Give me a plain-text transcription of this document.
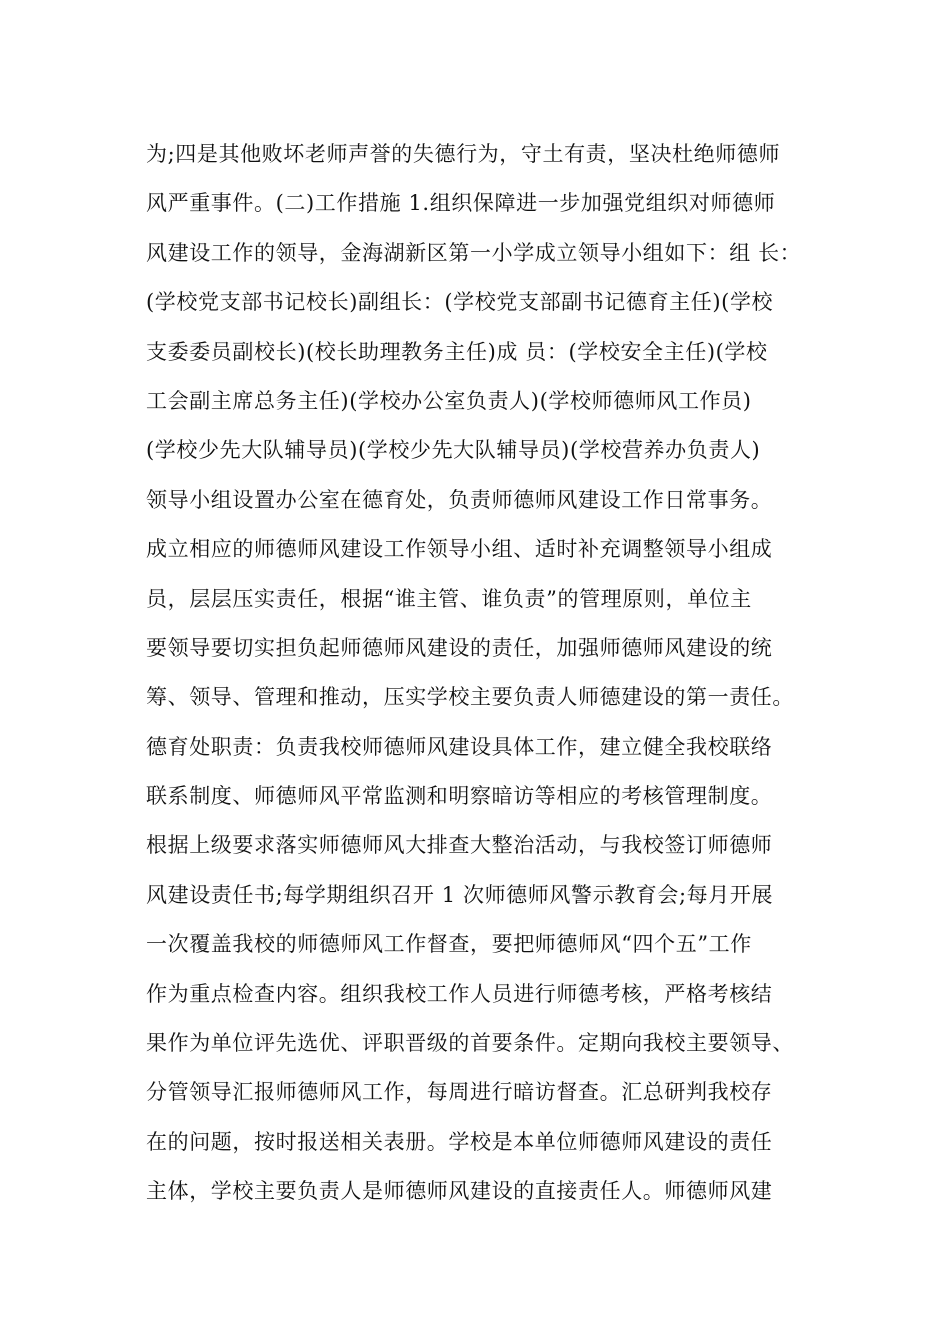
为;四是其他败坏老师声誉的失德行为，守土有责，坚决杜绝师德师
风严重事件。(二)工作措施 1.组织保障进一步加强党组织对师德师
风建设工作的领导，金海湖新区第一小学成立领导小组如下：组 长：
(学校党支部书记校长)副组长：(学校党支部副书记德育主任)(学校
支委委员副校长)(校长助理教务主任)成 员：(学校安全主任)(学校
工会副主席总务主任)(学校办公室负责人)(学校师德师风工作员)
(学校少先大队辅导员)(学校少先大队辅导员)(学校营养办负责人)
领导小组设置办公室在德育处，负责师德师风建设工作日常事务。
成立相应的师德师风建设工作领导小组、适时补充调整领导小组成
员，层层压实责任，根据“谁主管、谁负责”的管理原则，单位主
要领导要切实担负起师德师风建设的责任，加强师德师风建设的统
筹、领导、管理和推动，压实学校主要负责人师德建设的第一责任。
德育处职责：负责我校师德师风建设具体工作，建立健全我校联络
联系制度、师德师风平常监测和明察暗访等相应的考核管理制度。
根据上级要求落实师德师风大排查大整治活动，与我校签订师德师
风建设责任书;每学期组织召开 1 次师德师风警示教育会;每月开展
一次覆盖我校的师德师风工作督查，要把师德师风“四个五”工作
作为重点检查内容。组织我校工作人员进行师德考核，严格考核结
果作为单位评先选优、评职晋级的首要条件。定期向我校主要领导、
分管领导汇报师德师风工作，每周进行暗访督查。汇总研判我校存
在的问题，按时报送相关表册。学校是本单位师德师风建设的责任
主体，学校主要负责人是师德师风建设的直接责任人。师德师风建
